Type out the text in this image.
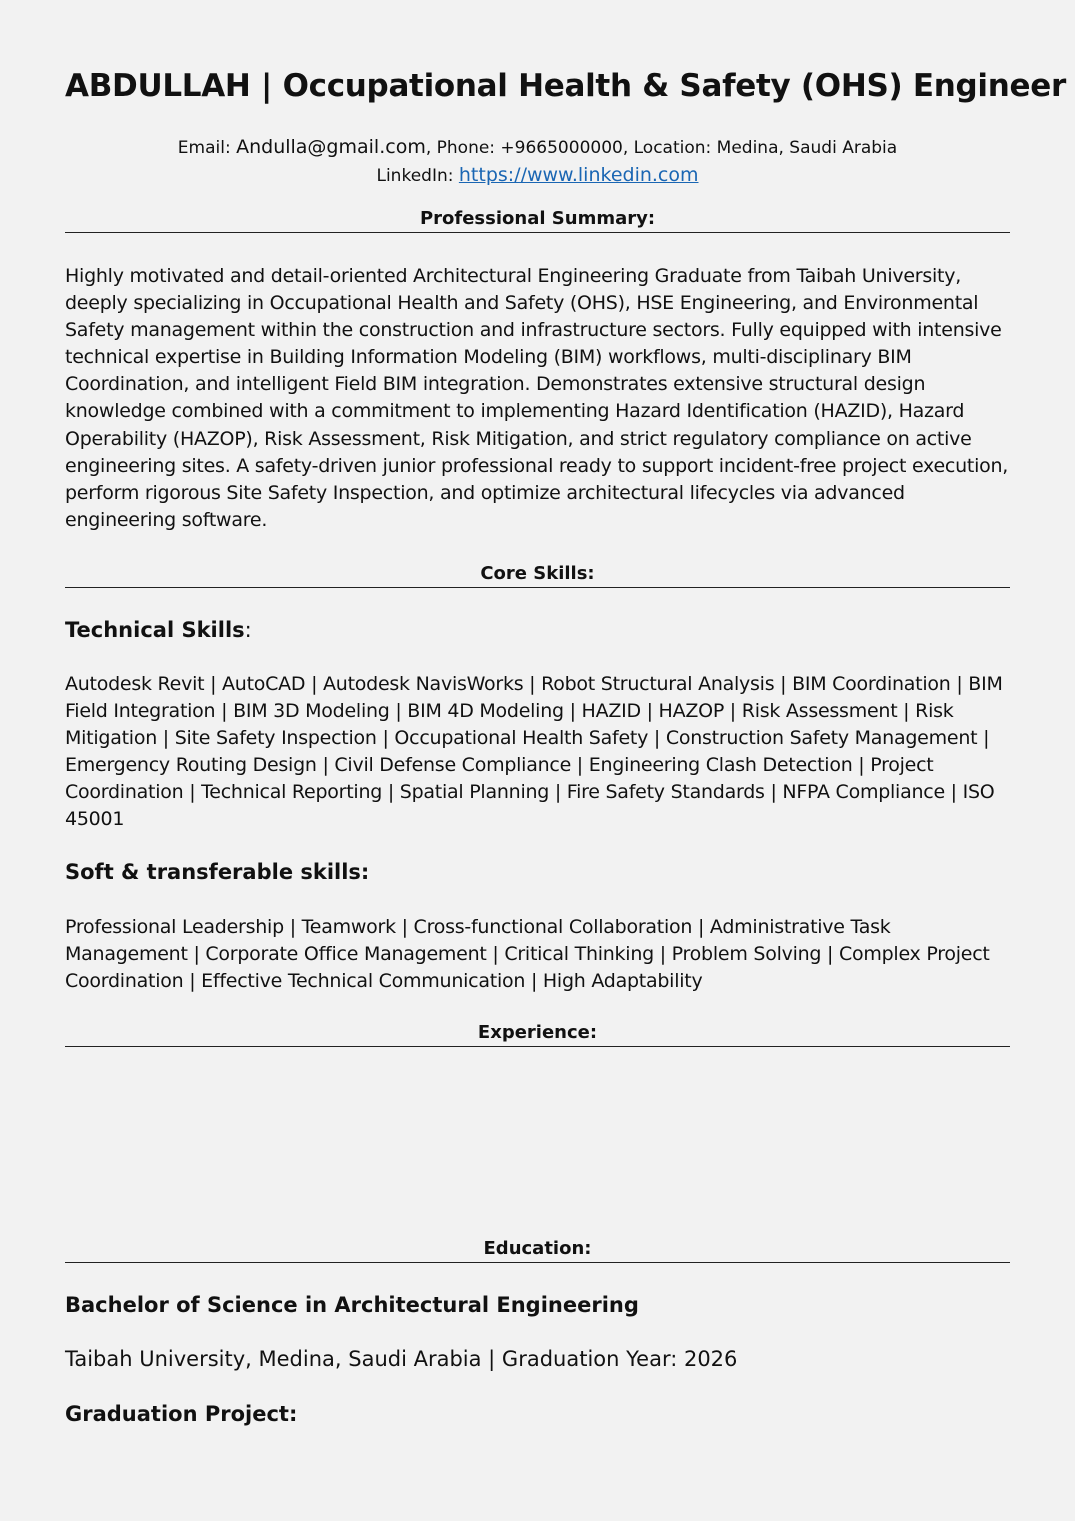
ABDULLAH | Occupational Health & Safety (OHS) Engineer
Email: Andulla@gmail.com, Phone: +9665000000, Location: Medina, Saudi Arabia
LinkedIn: https://www.linkedin.com
Professional Summary:

Highly motivated and detail-oriented Architectural Engineering Graduate from Taibah University, deeply specializing in Occupational Health and Safety (OHS), HSE Engineering, and Environmental Safety management within the construction and infrastructure sectors. Fully equipped with intensive technical expertise in Building Information Modeling (BIM) workflows, multi-disciplinary BIM Coordination, and intelligent Field BIM integration. Demonstrates extensive structural design knowledge combined with a commitment to implementing Hazard Identification (HAZID), Hazard Operability (HAZOP), Risk Assessment, Risk Mitigation, and strict regulatory compliance on active engineering sites. A safety-driven junior professional ready to support incident-free project execution, perform rigorous Site Safety Inspection, and optimize architectural lifecycles via advanced engineering software.

Core Skills:
Technical Skills:

Autodesk Revit | AutoCAD | Autodesk NavisWorks | Robot Structural Analysis | BIM Coordination | BIM Field Integration | BIM 3D Modeling | BIM 4D Modeling | HAZID | HAZOP | Risk Assessment | Risk Mitigation | Site Safety Inspection | Occupational Health Safety | Construction Safety Management | Emergency Routing Design | Civil Defense Compliance | Engineering Clash Detection | Project Coordination | Technical Reporting | Spatial Planning | Fire Safety Standards | NFPA Compliance | ISO 45001

Soft & transferable skills:

Professional Leadership | Teamwork | Cross-functional Collaboration | Administrative Task Management | Corporate Office Management | Critical Thinking | Problem Solving | Complex Project Coordination | Effective Technical Communication | High Adaptability

Experience:
Education:
Bachelor of Science in Architectural Engineering

Taibah University, Medina, Saudi Arabia | Graduation Year: 2026

Graduation Project:
